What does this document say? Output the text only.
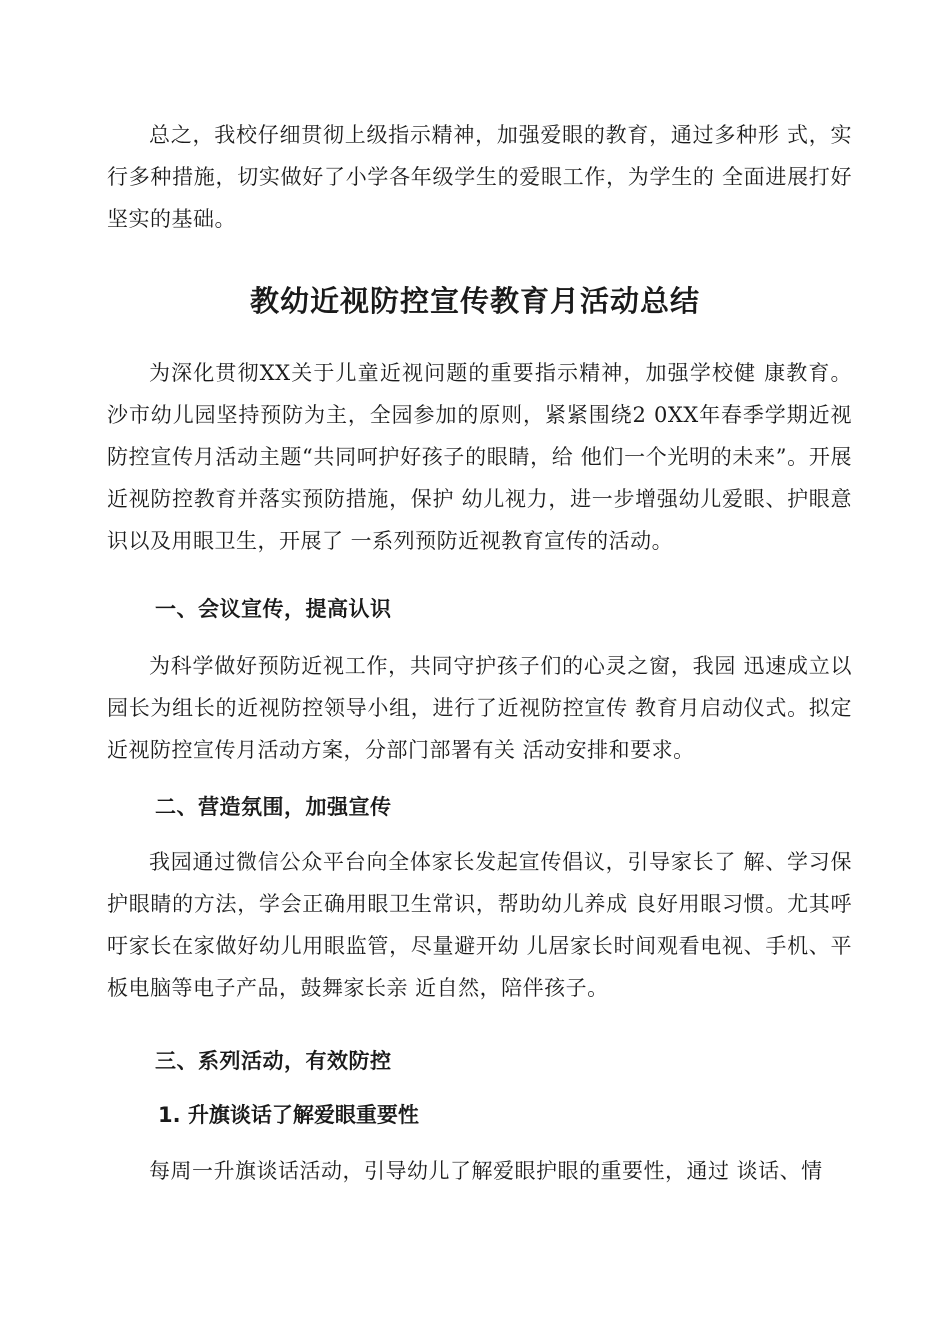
总之，我校仔细贯彻上级指示精神，加强爱眼的教育，通过多种形 式，实行多种措施，切实做好了小学各年级学生的爱眼工作，为学生的 全面进展打好坚实的基础。

教幼近视防控宣传教育月活动总结

为深化贯彻XX关于儿童近视问题的重要指示精神，加强学校健 康教育。沙市幼儿园坚持预防为主，全园参加的原则，紧紧围绕2 0XX年春季学期近视防控宣传月活动主题“共同呵护好孩子的眼睛，给 他们一个光明的未来”。开展近视防控教育并落实预防措施，保护 幼儿视力，进一步增强幼儿爱眼、护眼意识以及用眼卫生，开展了 一系列预防近视教育宣传的活动。

一、会议宣传，提高认识

为科学做好预防近视工作，共同守护孩子们的心灵之窗，我园 迅速成立以园长为组长的近视防控领导小组，进行了近视防控宣传 教育月启动仪式。拟定近视防控宣传月活动方案，分部门部署有关 活动安排和要求。

二、营造氛围，加强宣传

我园通过微信公众平台向全体家长发起宣传倡议，引导家长了 解、学习保护眼睛的方法，学会正确用眼卫生常识，帮助幼儿养成 良好用眼习惯。尤其呼吁家长在家做好幼儿用眼监管，尽量避开幼 儿居家长时间观看电视、手机、平板电脑等电子产品，鼓舞家长亲 近自然，陪伴孩子。

三、系列活动，有效防控
1. 升旗谈话了解爱眼重要性

每周一升旗谈话活动，引导幼儿了解爱眼护眼的重要性，通过 谈话、情
